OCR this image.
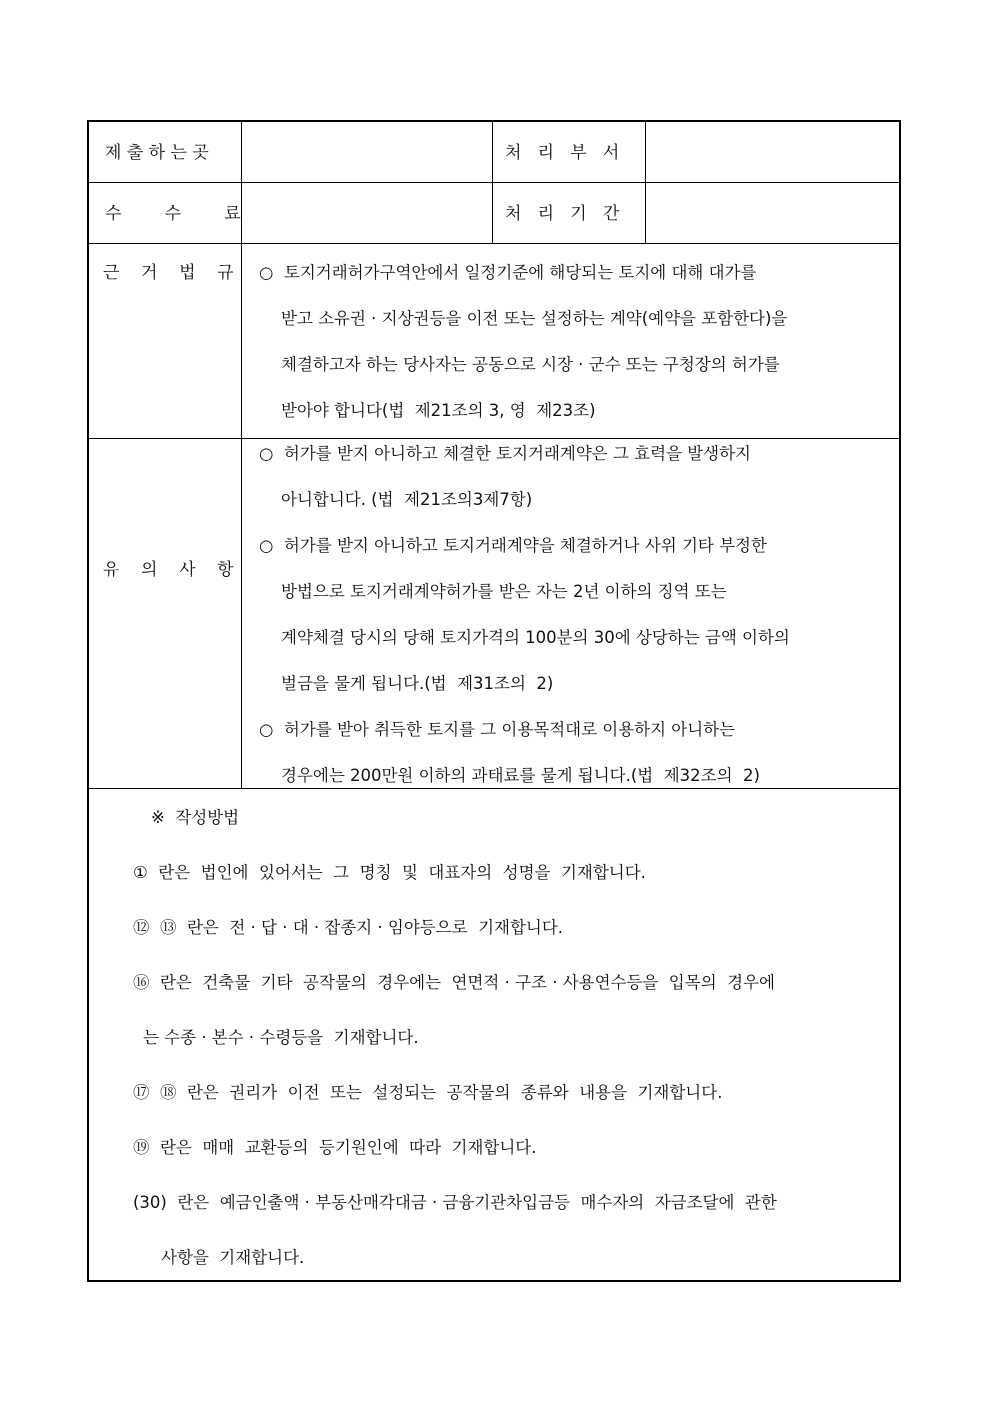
제 출 하 는 곳	처   리   부   서
수        수        료	처   리   기   간
근    거    법    규 ○  토지거래허가구역안에서 일정기준에 해당되는 토지에 대해 대가를
받고 소유권 · 지상권등을 이전 또는 설정하는 계약(예약을 포함한다)을
체결하고자 하는 당사자는 공동으로 시장 · 군수 또는 구청장의 허가를
받아야 합니다(법  제21조의 3, 영  제23조)
유    의    사    항
○  허가를 받지 아니하고 체결한 토지거래계약은 그 효력을 발생하지
아니합니다. (법  제21조의3제7항)
○  허가를 받지 아니하고 토지거래계약을 체결하거나 사위 기타 부정한
방법으로 토지거래계약허가를 받은 자는 2년 이하의 징역 또는
계약체결 당시의 당해 토지가격의 100분의 30에 상당하는 금액 이하의
벌금을 물게 됩니다.(법  제31조의  2)
○  허가를 받아 취득한 토지를 그 이용목적대로 이용하지 아니하는
경우에는 200만원 이하의 과태료를 물게 됩니다.(법  제32조의  2)
※  작성방법
①  란은  법인에  있어서는  그  명칭  및  대표자의  성명을  기재합니다.
⑫  ⑬  란은  전 · 답 · 대 · 잡종지 · 임야등으로  기재합니다.
⑯  란은  건축물  기타  공작물의  경우에는  연면적 · 구조 · 사용연수등을  입목의  경우에
는 수종 · 본수 · 수령등을  기재합니다.
⑰  ⑱  란은  권리가  이전  또는  설정되는  공작물의  종류와  내용을  기재합니다.
⑲  란은  매매  교환등의  등기원인에  따라  기재합니다.
(30)  란은  예금인출액 · 부동산매각대금 · 금융기관차입금등  매수자의  자금조달에  관한
사항을  기재합니다.
